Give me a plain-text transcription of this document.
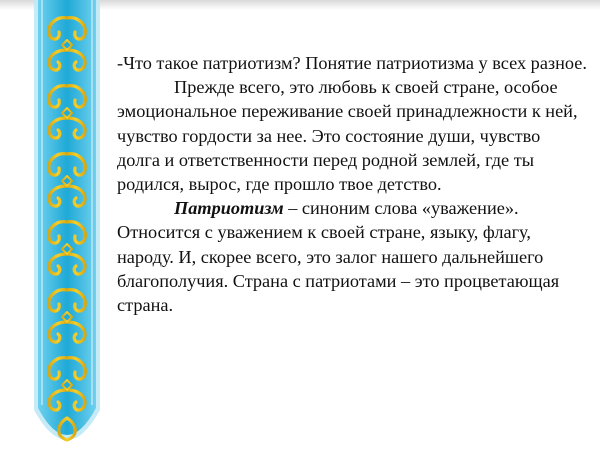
-Что такое патриотизм? Понятие патриотизма у всех разное.

Прежде всего, это любовь к своей стране, особое эмоциональное переживание своей принадлежности к ней, чувство гордости за нее. Это состояние души, чувство долга и ответственности перед родной землей, где ты родился, вырос, где прошло твое детство.

Патриотизм – синоним слова «уважение». Относится с уважением к своей стране, языку, флагу, народу. И, скорее всего, это залог нашего дальнейшего благополучия. Страна с патриотами – это процветающая страна.
